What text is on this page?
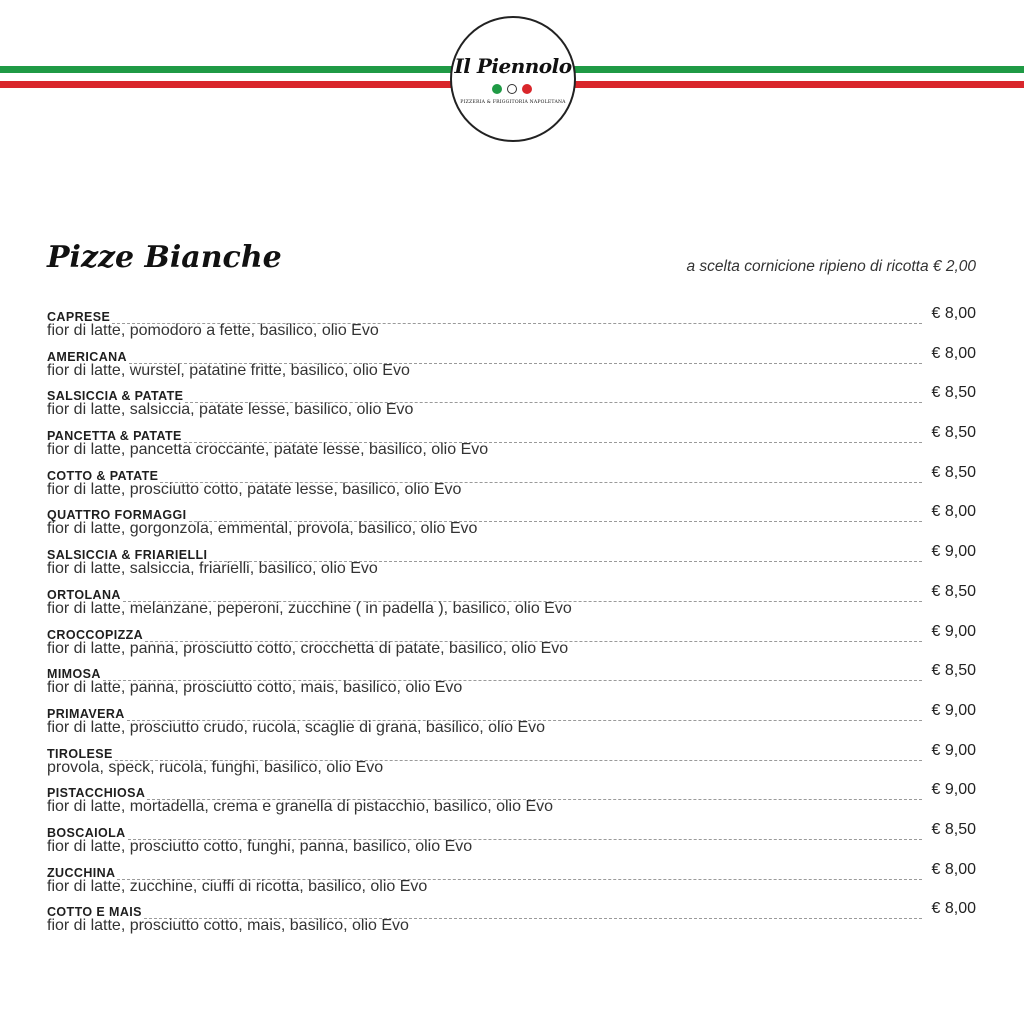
Il Piennolo
PIZZERIA & FRIGGITORIA NAPOLETANA
Pizze Bianche	a scelta cornicione ripieno di ricotta € 2,00
CAPRESE	€ 8,00
fior di latte, pomodoro a fette, basilico, olio Evo
AMERICANA	€ 8,00
fior di latte, wurstel, patatine fritte, basilico, olio Evo
SALSICCIA & PATATE	€ 8,50
fior di latte, salsiccia, patate lesse, basilico, olio Evo
PANCETTA & PATATE	€ 8,50
fior di latte, pancetta croccante, patate lesse, basilico, olio Evo
COTTO & PATATE	€ 8,50
fior di latte, prosciutto cotto, patate lesse, basilico, olio Evo
QUATTRO FORMAGGI	€ 8,00
fior di latte, gorgonzola, emmental, provola, basilico, olio Evo
SALSICCIA & FRIARIELLI	€ 9,00
fior di latte, salsiccia, friarielli, basilico, olio Evo
ORTOLANA	€ 8,50
fior di latte, melanzane, peperoni, zucchine ( in padella ), basilico, olio Evo
CROCCOPIZZA	€ 9,00
fior di latte, panna, prosciutto cotto, crocchetta di patate, basilico, olio Evo
MIMOSA	€ 8,50
fior di latte, panna, prosciutto cotto, mais, basilico, olio Evo
PRIMAVERA	€ 9,00
fior di latte, prosciutto crudo, rucola, scaglie di grana, basilico, olio Evo
TIROLESE	€ 9,00
provola, speck, rucola, funghi, basilico, olio Evo
PISTACCHIOSA	€ 9,00
fior di latte, mortadella, crema e granella di pistacchio, basilico, olio Evo
BOSCAIOLA	€ 8,50
fior di latte, prosciutto cotto, funghi, panna, basilico, olio Evo
ZUCCHINA	€ 8,00
fior di latte, zucchine, ciuffi di ricotta, basilico, olio Evo
COTTO E MAIS	€ 8,00
fior di latte, prosciutto cotto, mais, basilico, olio Evo
